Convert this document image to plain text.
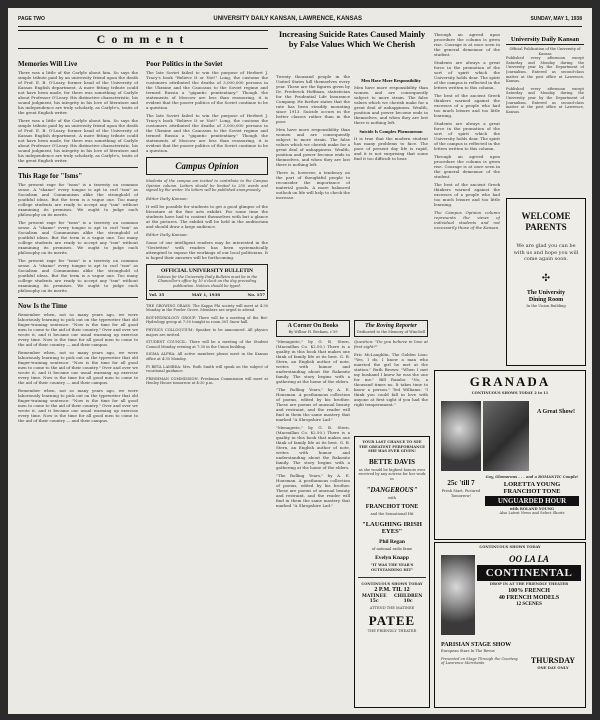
PAGE TWO	UNIVERSITY DAILY KANSAN, LAWRENCE, KANSAS	SUNDAY, MAY 1, 1938
Comment
Memories Will Live

There was a little of the Carlyle about him. So says the simple tribute paid by an university friend upon the death of Prof. E. B. O'Leary, former head of the University of Kansas English department. A more fitting tribute could not have been made, for there was something of Carlyle about Professor O'Leary. His distinctive characteristic, his sound judgment, his integrity in his love of literature and his independence are truly scholarly, as Carlyle's, traits of the great English writer.

There was a little of the Carlyle about him. So says the simple tribute paid by an university friend upon the death of Prof. E. B. O'Leary, former head of the University of Kansas English department. A more fitting tribute could not have been made, for there was something of Carlyle about Professor O'Leary. His distinctive characteristic, his sound judgment, his integrity in his love of literature and his independence are truly scholarly, as Carlyle's, traits of the great English writer.

This Rage for "Isms"

The present rage for "isms" is a travesty on common sense. A "shame" every tongue is apt to curl "ism" as Socialism and Communism alike the stronghold of youthful ideas. But the term is a vague one. Too many college students are ready to accept any "ism" without examining its premises. We ought to judge each philosophy on its merits.

The present rage for "isms" is a travesty on common sense. A "shame" every tongue is apt to curl "ism" as Socialism and Communism alike the stronghold of youthful ideas. But the term is a vague one. Too many college students are ready to accept any "ism" without examining its premises. We ought to judge each philosophy on its merits.

The present rage for "isms" is a travesty on common sense. A "shame" every tongue is apt to curl "ism" as Socialism and Communism alike the stronghold of youthful ideas. But the term is a vague one. Too many college students are ready to accept any "ism" without examining its premises. We ought to judge each philosophy on its merits.

Now Is the Time

Remember when, not so many years ago, we were laboriously learning to pick out on the typewriter that old finger-training sentence: "Now is the time for all good men to come to the aid of their country." Over and over we wrote it, and it became our usual warming up exercise every time. Now is the time for all good men to come to the aid of their country — and their campus.

Remember when, not so many years ago, we were laboriously learning to pick out on the typewriter that old finger-training sentence: "Now is the time for all good men to come to the aid of their country." Over and over we wrote it, and it became our usual warming up exercise every time. Now is the time for all good men to come to the aid of their country — and their campus.

Remember when, not so many years ago, we were laboriously learning to pick out on the typewriter that old finger-training sentence: "Now is the time for all good men to come to the aid of their country." Over and over we wrote it, and it became our usual warming up exercise every time. Now is the time for all good men to come to the aid of their country — and their campus.

Poor Politics in the Soviet

The late Soviet failed to win the purpose of Herbert J. Tracy's book "Believe It or Not!" Long, the customs the customers attributed the deaths of 3,000,000 persons in the Ukraine and the Caucasus to the Soviet regime and termed Russia a "gigantic penitentiary." Though the statements of Moscow are less than reassuring, it is evident that the poorer politics of the Soviet continue to be a question.

The late Soviet failed to win the purpose of Herbert J. Tracy's book "Believe It or Not!" Long, the customs the customers attributed the deaths of 3,000,000 persons in the Ukraine and the Caucasus to the Soviet regime and termed Russia a "gigantic penitentiary." Though the statements of Moscow are less than reassuring, it is evident that the poorer politics of the Soviet continue to be a question.

Campus Opinion

Students of the campus are invited to contribute to the Campus Opinion column. Letters should be limited to 250 words and signed by the writer. No letters will be published anonymously.

Editor Daily Kansan:

It will be possible for students to get a good glimpse of the literature at the fine arts exhibit. For some time the students have had to content themselves with but a glance at the pictures. The exhibit will be held in the auditorium and should draw a large audience.

Editor Daily Kansan:

Some of our intelligent readers may be interested in the "Gestetten" with readers has been systematically attempted to expose the workings of our local politicians. It is hoped their answers will be forthcoming.

OFFICIAL UNIVERSITY BULLETIN

Notices for the University Daily Bulletin must be in the Chancellor's office by 10 o'clock on the day preceding publication. Notices should be typed.

Vol. 35	MAY 1, 1938	No. 157

THE GROWING GRASS: The Kappa Phi society will meet at 4:30 Monday in the Fowler Grove. Members are urged to attend.

BOT-HYDROLOGY GROUP: There will be a meeting of the Bot-Hydrology group at 7:30 tonight in room 301 Snow hall.

PHYSICS COLLOQUIUM: Speaker to be announced. All physics majors are invited.

STUDENT COUNCIL: There will be a meeting of the Student Council Monday evening at 7:30 in the Union building.

SIGMA ALPHA: All active members please meet in the Kansas office at 4:30 Monday.

PI BETA LAMBDA: Mrs. Ruth Smith will speak on the subject of vocational guidance.

FRESHMAN COMMISSION: Freshman Commission will meet at Henley House tomorrow at 4:30 p.m.

Increasing Suicide Rates Caused Mainly by False Values Which We Cherish

Twenty thousand people in the United States kill themselves every year. These are the figures given by Dr. Frederick Hoffman, statistician for the Prudential Life Insurance Company. He further states that the rate has been steadily mounting since 1913. Suicide occurs in the better classes rather than in the poor.

Men have more responsibility than women and are consequently subject to more strain. The false values which we cherish make for a great deal of unhappiness. Wealth, position and power become ends in themselves, and when they are lost there is nothing left.

There is, however, a tendency on the part of thoughtful people to reconsider the importance of material goods. A more balanced outlook on life will help to check the increase.

Men Have More Responsibility

Men have more responsibility than women and are consequently subject to more strain. The false values which we cherish make for a great deal of unhappiness. Wealth, position and power become ends in themselves, and when they are lost there is nothing left.

Suicide Is Complex Phenomenon

It is true that the modern student has many problems to face. The pace of present day life is rapid, and it is not surprising that some find it too difficult to bear.

A Corner On Books
By Wilbur H. Beckam, c'39

"Menagerie," by G. B. Stern. (Macmillan Co. $2.50.) There is a quality in this book that makes one think of family life at its best. G. B. Stern, an English author of note, writes with humor and understanding about the Rakonitz family. The story begins with a gathering at the home of the elders.

"The Rolling Years," by A. E. Housman. A posthumous collection of poems, edited by his brother. These are poems of unusual beauty and restraint, and the reader will find in them the same mastery that marked "A Shropshire Lad."

"Menagerie," by G. B. Stern. (Macmillan Co. $2.50.) There is a quality in this book that makes one think of family life at its best. G. B. Stern, an English author of note, writes with humor and understanding about the Rakonitz family. The story begins with a gathering at the home of the elders.

"The Rolling Years," by A. E. Housman. A posthumous collection of poems, edited by his brother. These are poems of unusual beauty and restraint, and the reader will find in them the same mastery that marked "A Shropshire Lad."

YOUR LAST CHANCE TO SEE THE GREATEST PERFORMANCE SHE HAS EVER GIVEN!
BETTE DAVIS
as she would be highest honors ever received by any actress for her work in
"DANGEROUS"
with
FRANCHOT TONE
and the Sensational Hit
"LAUGHING IRISH EYES"
Phil Regan
of national radio fame
Evelyn Knapp
"IT WAS THE YEAR'S OUTSTANDING HIT"
CONTINUOUS SHOWS TODAY
2 P.M. TIL 12
MATINEE 15c
CHILDREN 10c
ATTEND THE MATINEE
PATEE
THE FRIENDLY THEATER
The Roving Reporter
Dedicated to the Memory of Winchell

Question: "Do you believe in love at first sight?"

Eric McLaughlin, The Golden Lion: "Yes, I do. I know a man who married the girl he met at the station." Ruth Brown: "When I met my husband I knew he was the one for me." Bill Rambo: "No, a thousand times no. It takes time to know a person." Ted Williams: "I think you could fall in love with anyone at first sight if you had the right temperament."

Through an agreed upon procedure the column is given rise. Courage is at once seen in the general demeanor of the student.

Students are always a great force in the promotion of the sort of spirit which the University holds dear. The spirit of the campus is reflected in the letters written to this column.

The best of the ancient Greek thinkers warned against the excesses of a people who had too much leisure and too little learning.

Students are always a great force in the promotion of the sort of spirit which the University holds dear. The spirit of the campus is reflected in the letters written to this column.

Through an agreed upon procedure the column is given rise. Courage is at once seen in the general demeanor of the student.

The best of the ancient Greek thinkers warned against the excesses of a people who had too much leisure and too little learning.

The Campus Opinion column represents the views of individual students and not necessarily those of the Kansan.

University Daily Kansan
Official Publication of the University of Kansas

Published every afternoon except Saturday and Monday during the University year by the Department of Journalism. Entered as second-class matter at the post office at Lawrence, Kansas.

Published every afternoon except Saturday and Monday during the University year by the Department of Journalism. Entered as second-class matter at the post office at Lawrence, Kansas.

WELCOME PARENTS
We are glad you can be with us and hope you will come again soon.
✣
The University
Dining Room
In the Union Building
GRANADA
CONTINUOUS SHOWS TODAY 2 to 11
A Great Show!
25c 'till 7
Fresh Start, Pictured Tomorrow!
Gay, Glamorous . . . and a ROMANTIC Couple!
LORETTA YOUNG FRANCHOT TONE
UNGUARDED HOUR
with ROLAND YOUNG
Also Latest News and Select Shorts
CONTINUOUS SHOWS TODAY
OO LA LA
CONTINENTAL
DROP IN AT THE FRIENDLY THEATER
100% FRENCH
40 FRENCH MODELS
12 SCENES
PARISIAN STAGE SHOW
European Stars In The Revue
Presented on Stage Through the Courtesy of Lawrence Merchants	THURSDAY
ONE DAY ONLY
